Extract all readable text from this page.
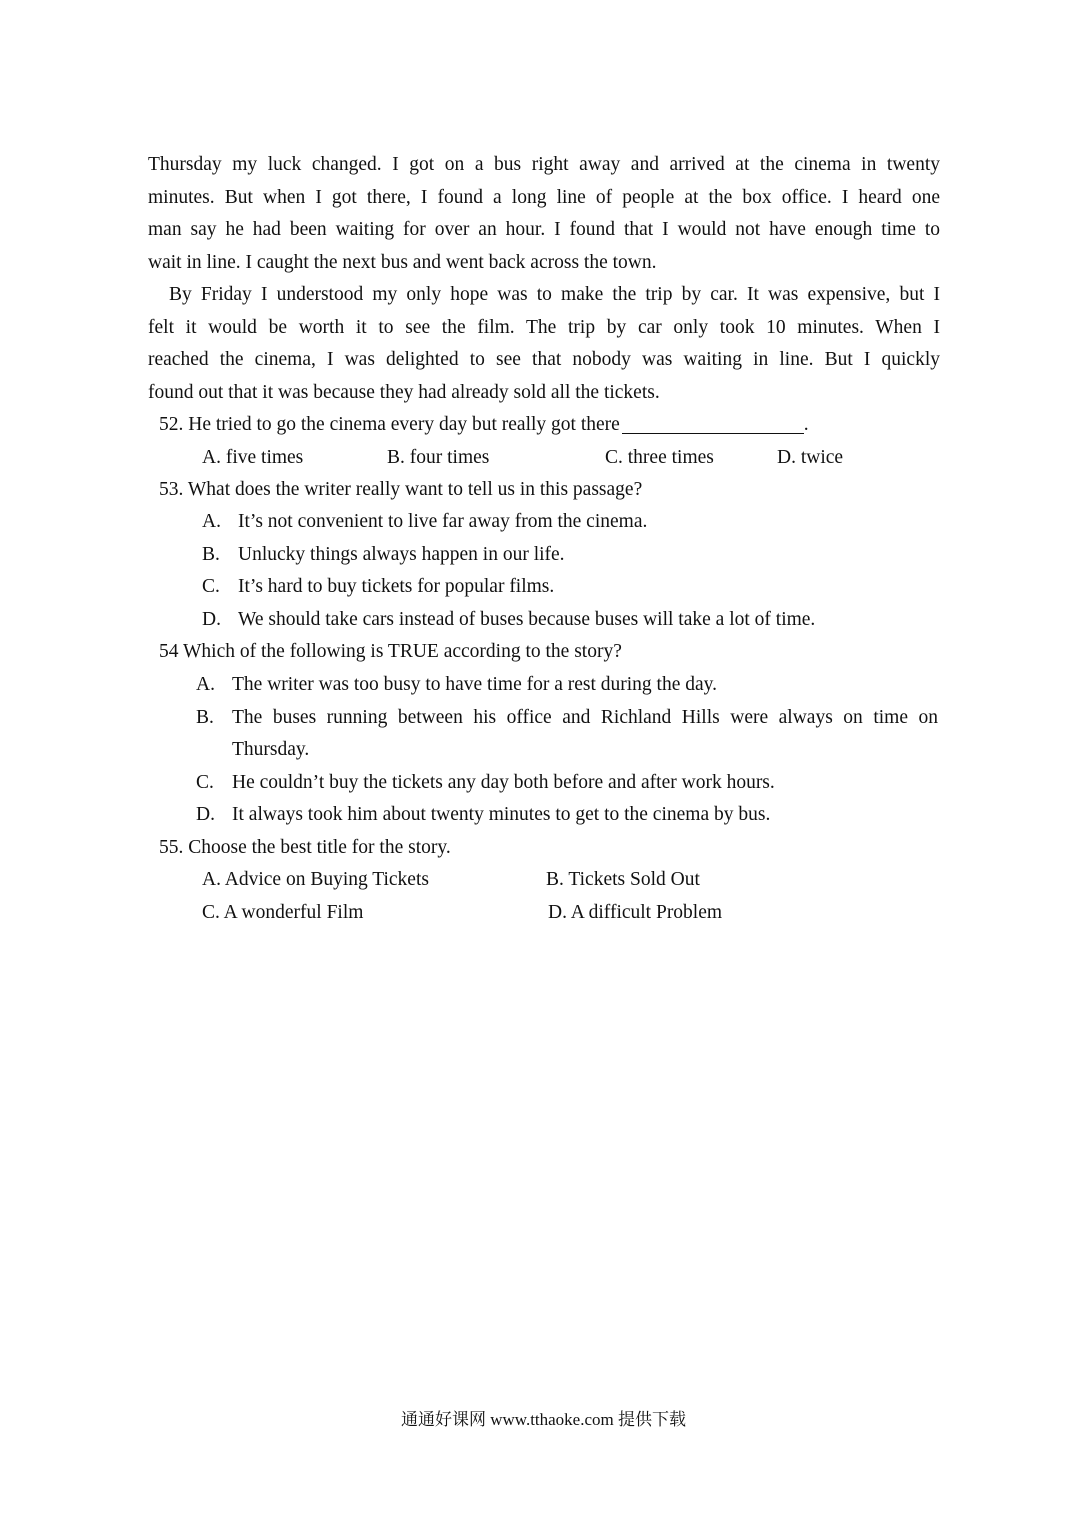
Thursday my luck changed. I got on a bus right away and arrived at the cinema in twenty
minutes. But when I got there, I found a long line of people at the box office. I heard one
man say he had been waiting for over an hour. I found that I would not have enough time to
wait in line. I caught the next bus and went back across the town.
By Friday I understood my only hope was to make the trip by car. It was expensive, but I
felt it would be worth it to see the film. The trip by car only took 10 minutes. When I
reached the cinema, I was delighted to see that nobody was waiting in line. But I quickly
found out that it was because they had already sold all the tickets.
52. He tried to go the cinema every day but really got there	.
A. five times	B. four times	C. three times	D. twice
53. What does the writer really want to tell us in this passage?
A. It’s not convenient to live far away from the cinema.
B. Unlucky things always happen in our life.
C. It’s hard to buy tickets for popular films.
D. We should take cars instead of buses because buses will take a lot of time.
54 Which of the following is TRUE according to the story?
A. The writer was too busy to have time for a rest during the day.
B. The buses running between his office and Richland Hills were always on time on
Thursday.
C. He couldn’t buy the tickets any day both before and after work hours.
D. It always took him about twenty minutes to get to the cinema by bus.
55. Choose the best title for the story.
A. Advice on Buying Tickets	B. Tickets Sold Out
C. A wonderful Film	D. A difficult Problem
通通好课网 www.tthaoke.com 提供下载
